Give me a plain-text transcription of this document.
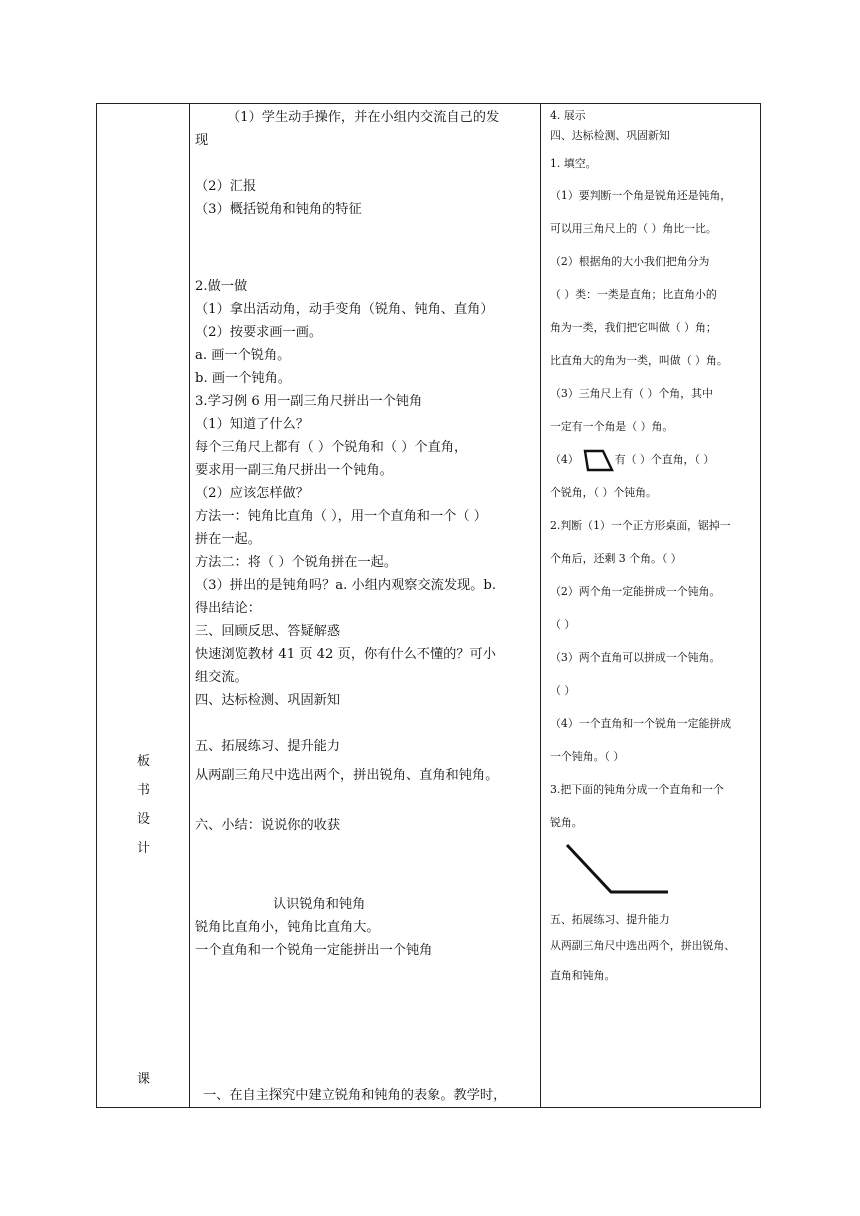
板
书
设
计
课
（1）学生动手操作，并在小组内交流自己的发
现
（2）汇报
（3）概括锐角和钝角的特征
2.做一做
（1）拿出活动角，动手变角（锐角、钝角、直角）
（2）按要求画一画。
a. 画一个锐角。
b. 画一个钝角。
3.学习例 6 用一副三角尺拼出一个钝角
（1）知道了什么？
每个三角尺上都有（ ）个锐角和（ ）个直角，
要求用一副三角尺拼出一个钝角。
（2）应该怎样做？
方法一：钝角比直角（ ），用一个直角和一个（ ）
拼在一起。
方法二：将（ ）个锐角拼在一起。
（3）拼出的是钝角吗？a. 小组内观察交流发现。b.
得出结论：
三、回顾反思、答疑解惑
快速浏览教材 41 页 42 页，你有什么不懂的？可小
组交流。
四、达标检测、巩固新知
五、拓展练习、提升能力
从两副三角尺中选出两个，拼出锐角、直角和钝角。
六、小结：说说你的收获
认识锐角和钝角
锐角比直角小，钝角比直角大。
一个直角和一个锐角一定能拼出一个钝角
一、在自主探究中建立锐角和钝角的表象。教学时，
4. 展示
四、达标检测、巩固新知
1. 填空。
（1）要判断一个角是锐角还是钝角，
可以用三角尺上的（ ）角比一比。
（2）根据角的大小我们把角分为
（ ）类：一类是直角；比直角小的
角为一类，我们把它叫做（ ）角；
比直角大的角为一类，叫做（ ）角。
（3）三角尺上有（ ）个角，其中
一定有一个角是（ ）角。
（4）	有（ ）个直角，（ ）
个锐角，（ ）个钝角。
2.判断（1）一个正方形桌面，锯掉一
个角后，还剩 3 个角。（ ）
（2）两个角一定能拼成一个钝角。
（ ）
（3）两个直角可以拼成一个钝角。
（ ）
（4）一个直角和一个锐角一定能拼成
一个钝角。（ ）
3.把下面的钝角分成一个直角和一个
锐角。
五、拓展练习、提升能力
从两副三角尺中选出两个，拼出锐角、
直角和钝角。
